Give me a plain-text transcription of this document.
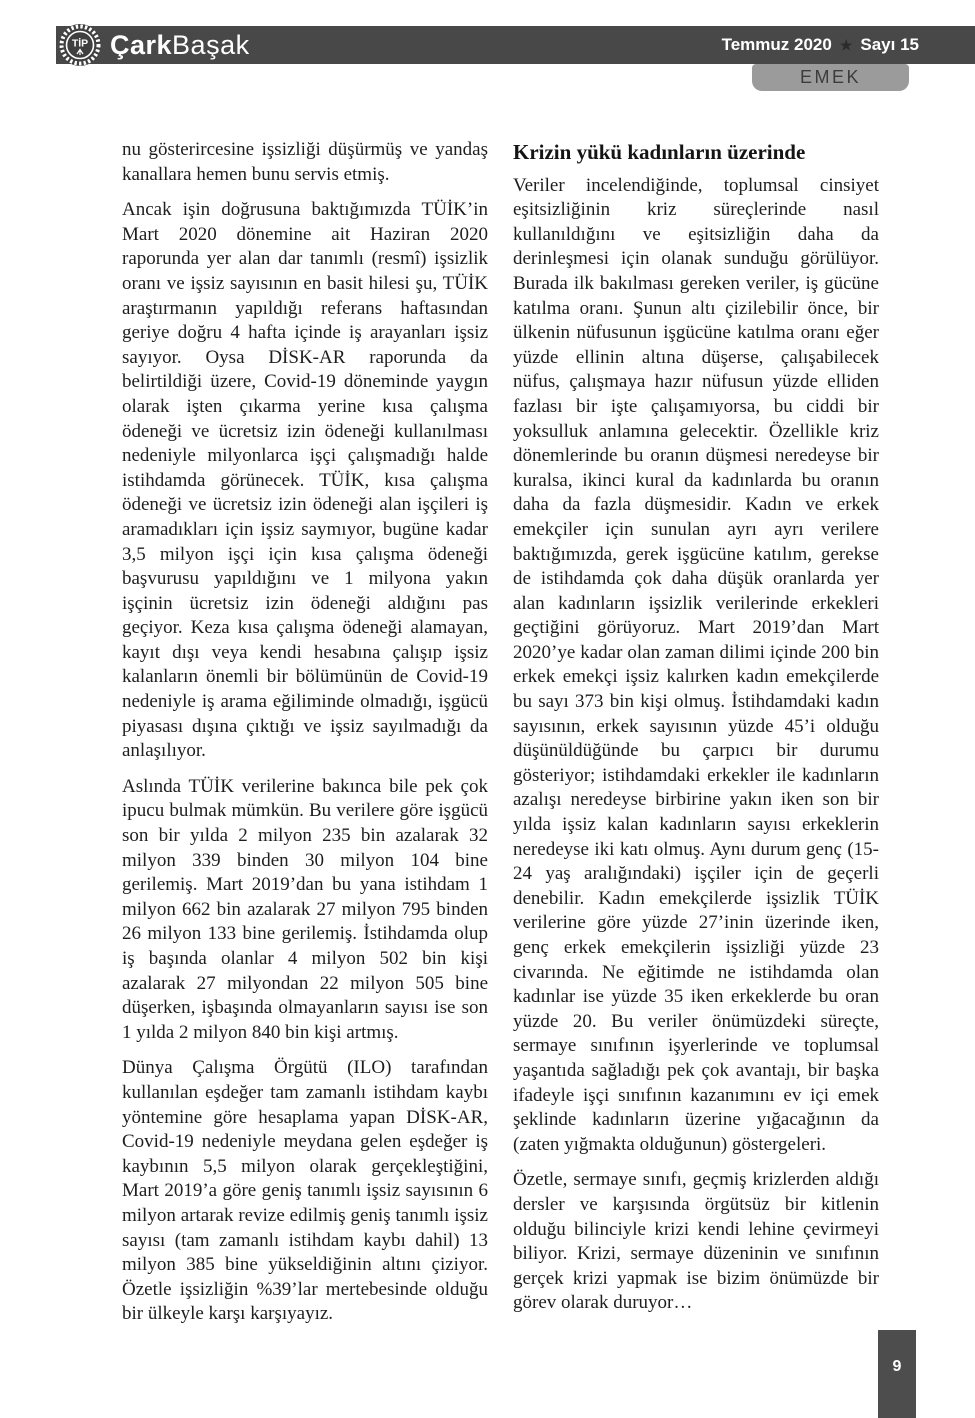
TİP ÇarkBaşak	Temmuz 2020 ★ Sayı 15
EMEK

nu gösterircesine işsizliği düşürmüş ve yandaş kanallara hemen bunu servis etmiş.

Ancak işin doğrusuna baktığımızda TÜİK’in Mart 2020 dönemine ait Haziran 2020 raporunda yer alan dar tanımlı (resmî) işsizlik oranı ve işsiz sayısının en basit hilesi şu, TÜİK araştırmanın yapıldığı referans haftasından geriye doğru 4 hafta içinde iş arayanları işsiz sayıyor. Oysa DİSK-AR raporunda da belirtildiği üzere, Covid-19 döneminde yaygın olarak işten çıkarma yerine kısa çalışma ödeneği ve ücretsiz izin ödeneği kullanılması nedeniyle milyonlarca işçi çalışmadığı halde istihdamda görünecek. TÜİK, kısa çalışma ödeneği ve ücretsiz izin ödeneği alan işçileri iş aramadıkları için işsiz saymıyor, bugüne kadar 3,5 milyon işçi için kısa çalışma ödeneği başvurusu yapıldığını ve 1 milyona yakın işçinin ücretsiz izin ödeneği aldığını pas geçiyor. Keza kısa çalışma ödeneği alamayan, kayıt dışı veya kendi hesabına çalışıp işsiz kalanların önemli bir bölümünün de Covid-19 nedeniyle iş arama eğiliminde olmadığı, işgücü piyasası dışına çıktığı ve işsiz sayılmadığı da anlaşılıyor.

Aslında TÜİK verilerine bakınca bile pek çok ipucu bulmak mümkün. Bu verilere göre işgücü son bir yılda 2 milyon 235 bin azalarak 32 milyon 339 binden 30 milyon 104 bine gerilemiş. Mart 2019’dan bu yana istihdam 1 milyon 662 bin azalarak 27 milyon 795 binden 26 milyon 133 bine gerilemiş. İstihdamda olup iş başında olanlar 4 milyon 502 bin kişi azalarak 27 milyondan 22 milyon 505 bine düşerken, işbaşında olmayanların sayısı ise son 1 yılda 2 milyon 840 bin kişi artmış.

Dünya Çalışma Örgütü (ILO) tarafından kullanılan eşdeğer tam zamanlı istihdam kaybı yöntemine göre hesaplama yapan DİSK-AR, Covid-19 nedeniyle meydana gelen eşdeğer iş kaybının 5,5 milyon olarak gerçekleştiğini, Mart 2019’a göre geniş tanımlı işsiz sayısının 6 milyon artarak revize edilmiş geniş tanımlı işsiz sayısı (tam zamanlı istihdam kaybı dahil) 13 milyon 385 bine yükseldiğinin altını çiziyor. Özetle işsizliğin %39’lar mertebesinde olduğu bir ülkeyle karşı karşıyayız.

Krizin yükü kadınların üzerinde

Veriler incelendiğinde, toplumsal cinsiyet eşitsizliğinin kriz süreçlerinde nasıl kullanıldığını ve eşitsizliğin daha da derinleşmesi için olanak sunduğu görülüyor. Burada ilk bakılması gereken veriler, iş gücüne katılma oranı. Şunun altı çizilebilir önce, bir ülkenin nüfusunun işgücüne katılma oranı eğer yüzde ellinin altına düşerse, çalışabilecek nüfus, çalışmaya hazır nüfusun yüzde elliden fazlası bir işte çalışamıyorsa, bu ciddi bir yoksulluk anlamına gelecektir. Özellikle kriz dönemlerinde bu oranın düşmesi neredeyse bir kuralsa, ikinci kural da kadınlarda bu oranın daha da fazla düşmesidir. Kadın ve erkek emekçiler için sunulan ayrı ayrı verilere baktığımızda, gerek işgücüne katılım, gerekse de istihdamda çok daha düşük oranlarda yer alan kadınların işsizlik verilerinde erkekleri geçtiğini görüyoruz. Mart 2019’dan Mart 2020’ye kadar olan zaman dilimi içinde 200 bin erkek emekçi işsiz kalırken kadın emekçilerde bu sayı 373 bin kişi olmuş. İstihdamdaki kadın sayısının, erkek sayısının yüzde 45’i olduğu düşünüldüğünde bu çarpıcı bir durumu gösteriyor; istihdamdaki erkekler ile kadınların azalışı neredeyse birbirine yakın iken son bir yılda işsiz kalan kadınların sayısı erkeklerin neredeyse iki katı olmuş. Aynı durum genç (15-24 yaş aralığındaki) işçiler için de geçerli denebilir. Kadın emekçilerde işsizlik TÜİK verilerine göre yüzde 27’inin üzerinde iken, genç erkek emekçilerin işsizliği yüzde 23 civarında. Ne eğitimde ne istihdamda olan kadınlar ise yüzde 35 iken erkeklerde bu oran yüzde 20. Bu veriler önümüzdeki süreçte, sermaye sınıfının işyerlerinde ve toplumsal yaşantıda sağladığı pek çok avantajı, bir başka ifadeyle işçi sınıfının kazanımını ev içi emek şeklinde kadınların üzerine yığacağının da (zaten yığmakta olduğunun) göstergeleri.

Özetle, sermaye sınıfı, geçmiş krizlerden aldığı dersler ve karşısında örgütsüz bir kitlenin olduğu bilinciyle krizi kendi lehine çevirmeyi biliyor. Krizi, sermaye düzeninin ve sınıfının gerçek krizi yapmak ise bizim önümüzde bir görev olarak duruyor…

9
